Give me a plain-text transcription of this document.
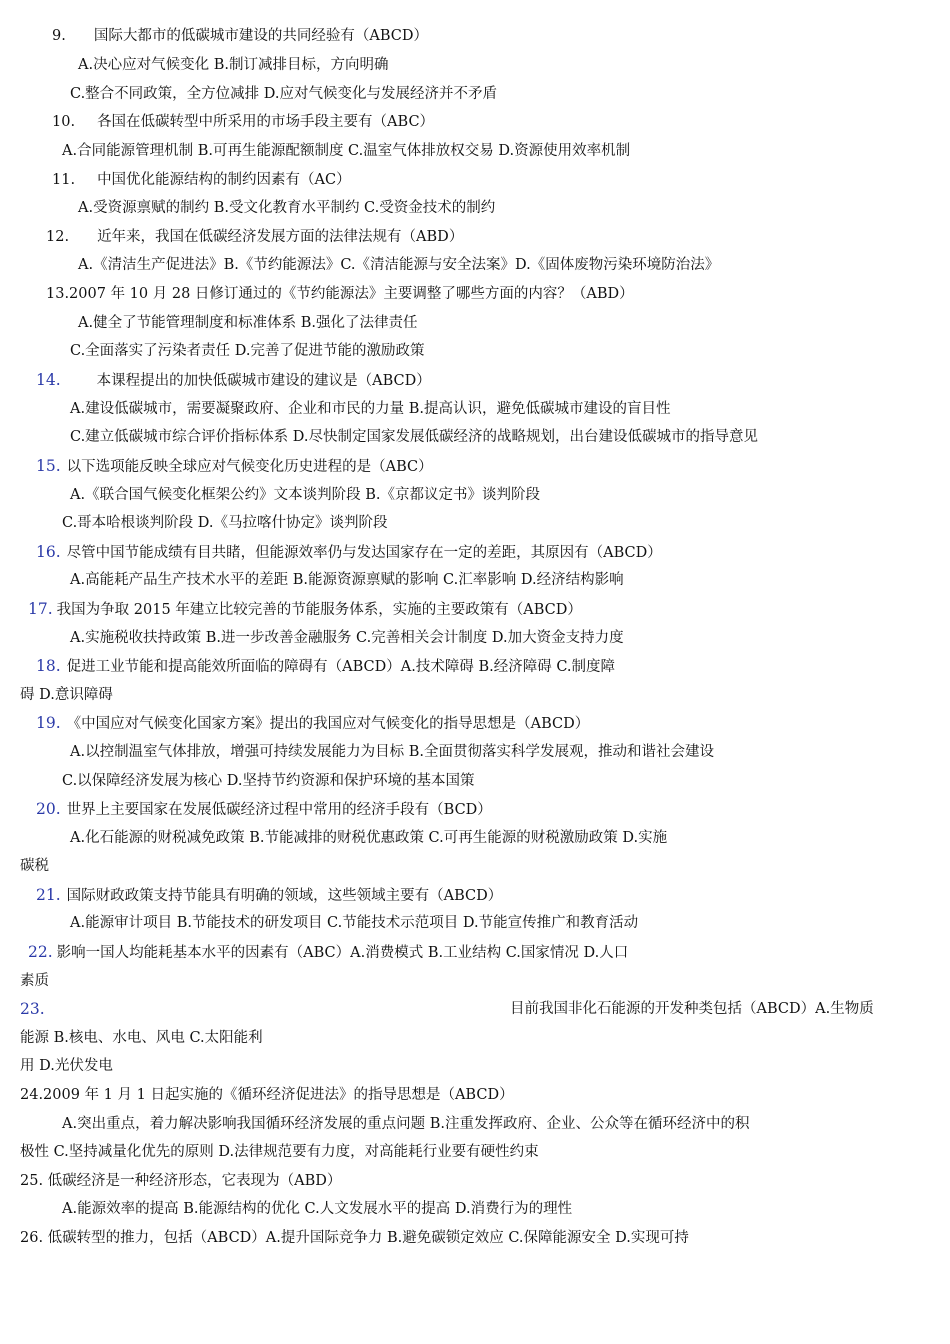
9. 国际大都市的低碳城市建设的共同经验有（ABCD）
A.决心应对气候变化 B.制订减排目标，方向明确
C.整合不同政策，全方位减排 D.应对气候变化与发展经济并不矛盾
10. 各国在低碳转型中所采用的市场手段主要有（ABC）
A.合同能源管理机制 B.可再生能源配额制度 C.温室气体排放权交易 D.资源使用效率机制
11. 中国优化能源结构的制约因素有（AC）
A.受资源禀赋的制约 B.受文化教育水平制约 C.受资金技术的制约
12. 近年来，我国在低碳经济发展方面的法律法规有（ABD）
A.《清洁生产促进法》B.《节约能源法》C.《清洁能源与安全法案》D.《固体废物污染环境防治法》
13.2007 年 10 月 28 日修订通过的《节约能源法》主要调整了哪些方面的内容？（ABD）
A.健全了节能管理制度和标准体系 B.强化了法律责任
C.全面落实了污染者责任 D.完善了促进节能的激励政策
14. 本课程提出的加快低碳城市建设的建议是（ABCD）
A.建设低碳城市，需要凝聚政府、企业和市民的力量 B.提高认识，避免低碳城市建设的盲目性
C.建立低碳城市综合评价指标体系 D.尽快制定国家发展低碳经济的战略规划，出台建设低碳城市的指导意见
15. 以下选项能反映全球应对气候变化历史进程的是（ABC）
A.《联合国气候变化框架公约》文本谈判阶段 B.《京都议定书》谈判阶段
C.哥本哈根谈判阶段 D.《马拉喀什协定》谈判阶段
16. 尽管中国节能成绩有目共睹，但能源效率仍与发达国家存在一定的差距，其原因有（ABCD）
A.高能耗产品生产技术水平的差距 B.能源资源禀赋的影响 C.汇率影响 D.经济结构影响
17. 我国为争取 2015 年建立比较完善的节能服务体系，实施的主要政策有（ABCD）
A.实施税收扶持政策 B.进一步改善金融服务 C.完善相关会计制度 D.加大资金支持力度
18. 促进工业节能和提高能效所面临的障碍有（ABCD）A.技术障碍 B.经济障碍 C.制度障
碍 D.意识障碍
19. 《中国应对气候变化国家方案》提出的我国应对气候变化的指导思想是（ABCD）
A.以控制温室气体排放，增强可持续发展能力为目标 B.全面贯彻落实科学发展观，推动和谐社会建设
C.以保障经济发展为核心 D.坚持节约资源和保护环境的基本国策
20. 世界上主要国家在发展低碳经济过程中常用的经济手段有（BCD）
A.化石能源的财税减免政策 B.节能减排的财税优惠政策 C.可再生能源的财税激励政策 D.实施
碳税
21. 国际财政政策支持节能具有明确的领域，这些领域主要有（ABCD）
A.能源审计项目 B.节能技术的研发项目 C.节能技术示范项目 D.节能宣传推广和教育活动
22. 影响一国人均能耗基本水平的因素有（ABC）A.消费模式 B.工业结构 C.国家情况 D.人口
素质
23.	目前我国非化石能源的开发种类包括（ABCD）A.生物质
能源 B.核电、水电、风电 C.太阳能利
用 D.光伏发电
24.2009 年 1 月 1 日起实施的《循环经济促进法》的指导思想是（ABCD）
A.突出重点，着力解决影响我国循环经济发展的重点问题 B.注重发挥政府、企业、公众等在循环经济中的积
极性 C.坚持减量化优先的原则 D.法律规范要有力度，对高能耗行业要有硬性约束
25. 低碳经济是一种经济形态，它表现为（ABD）
A.能源效率的提高 B.能源结构的优化 C.人文发展水平的提高 D.消费行为的理性
26. 低碳转型的推力，包括（ABCD）A.提升国际竞争力 B.避免碳锁定效应 C.保障能源安全 D.实现可持
